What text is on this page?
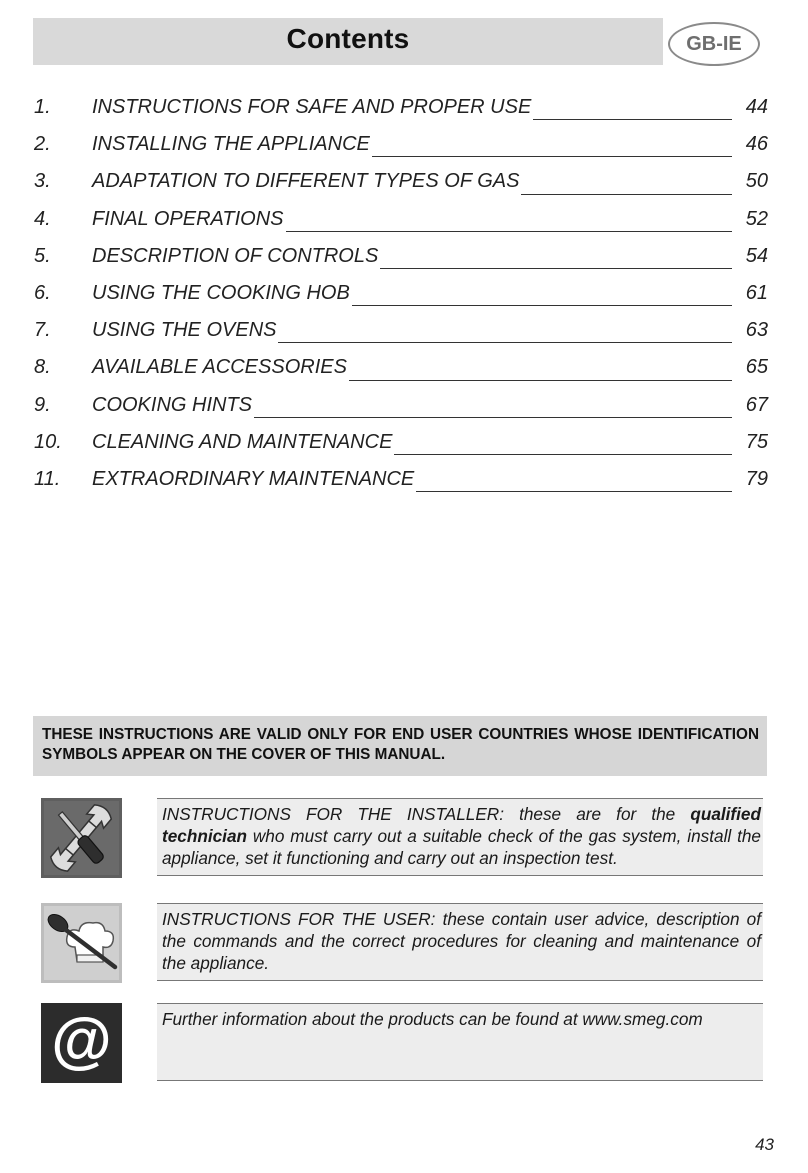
Contents	GB-IE
1.	INSTRUCTIONS FOR SAFE AND PROPER USE	44
2.	INSTALLING THE APPLIANCE	46
3.	ADAPTATION TO DIFFERENT TYPES OF GAS	50
4.	FINAL OPERATIONS	52
5.	DESCRIPTION OF CONTROLS	54
6.	USING THE COOKING HOB	61
7.	USING THE OVENS	63
8.	AVAILABLE ACCESSORIES	65
9.	COOKING HINTS	67
10.	CLEANING AND MAINTENANCE	75
11.	EXTRAORDINARY MAINTENANCE	79
THESE INSTRUCTIONS ARE VALID ONLY FOR END USER COUNTRIES WHOSE IDENTIFICATION SYMBOLS APPEAR ON THE COVER OF THIS MANUAL.
INSTRUCTIONS FOR THE INSTALLER: these are for the qualified technician who must carry out a suitable check of the gas system, install the appliance, set it functioning and carry out an inspection test.
INSTRUCTIONS FOR THE USER: these contain user advice, description of the commands and the correct procedures for cleaning and maintenance of the appliance.
@	Further information about the products can be found at www.smeg.com
43
